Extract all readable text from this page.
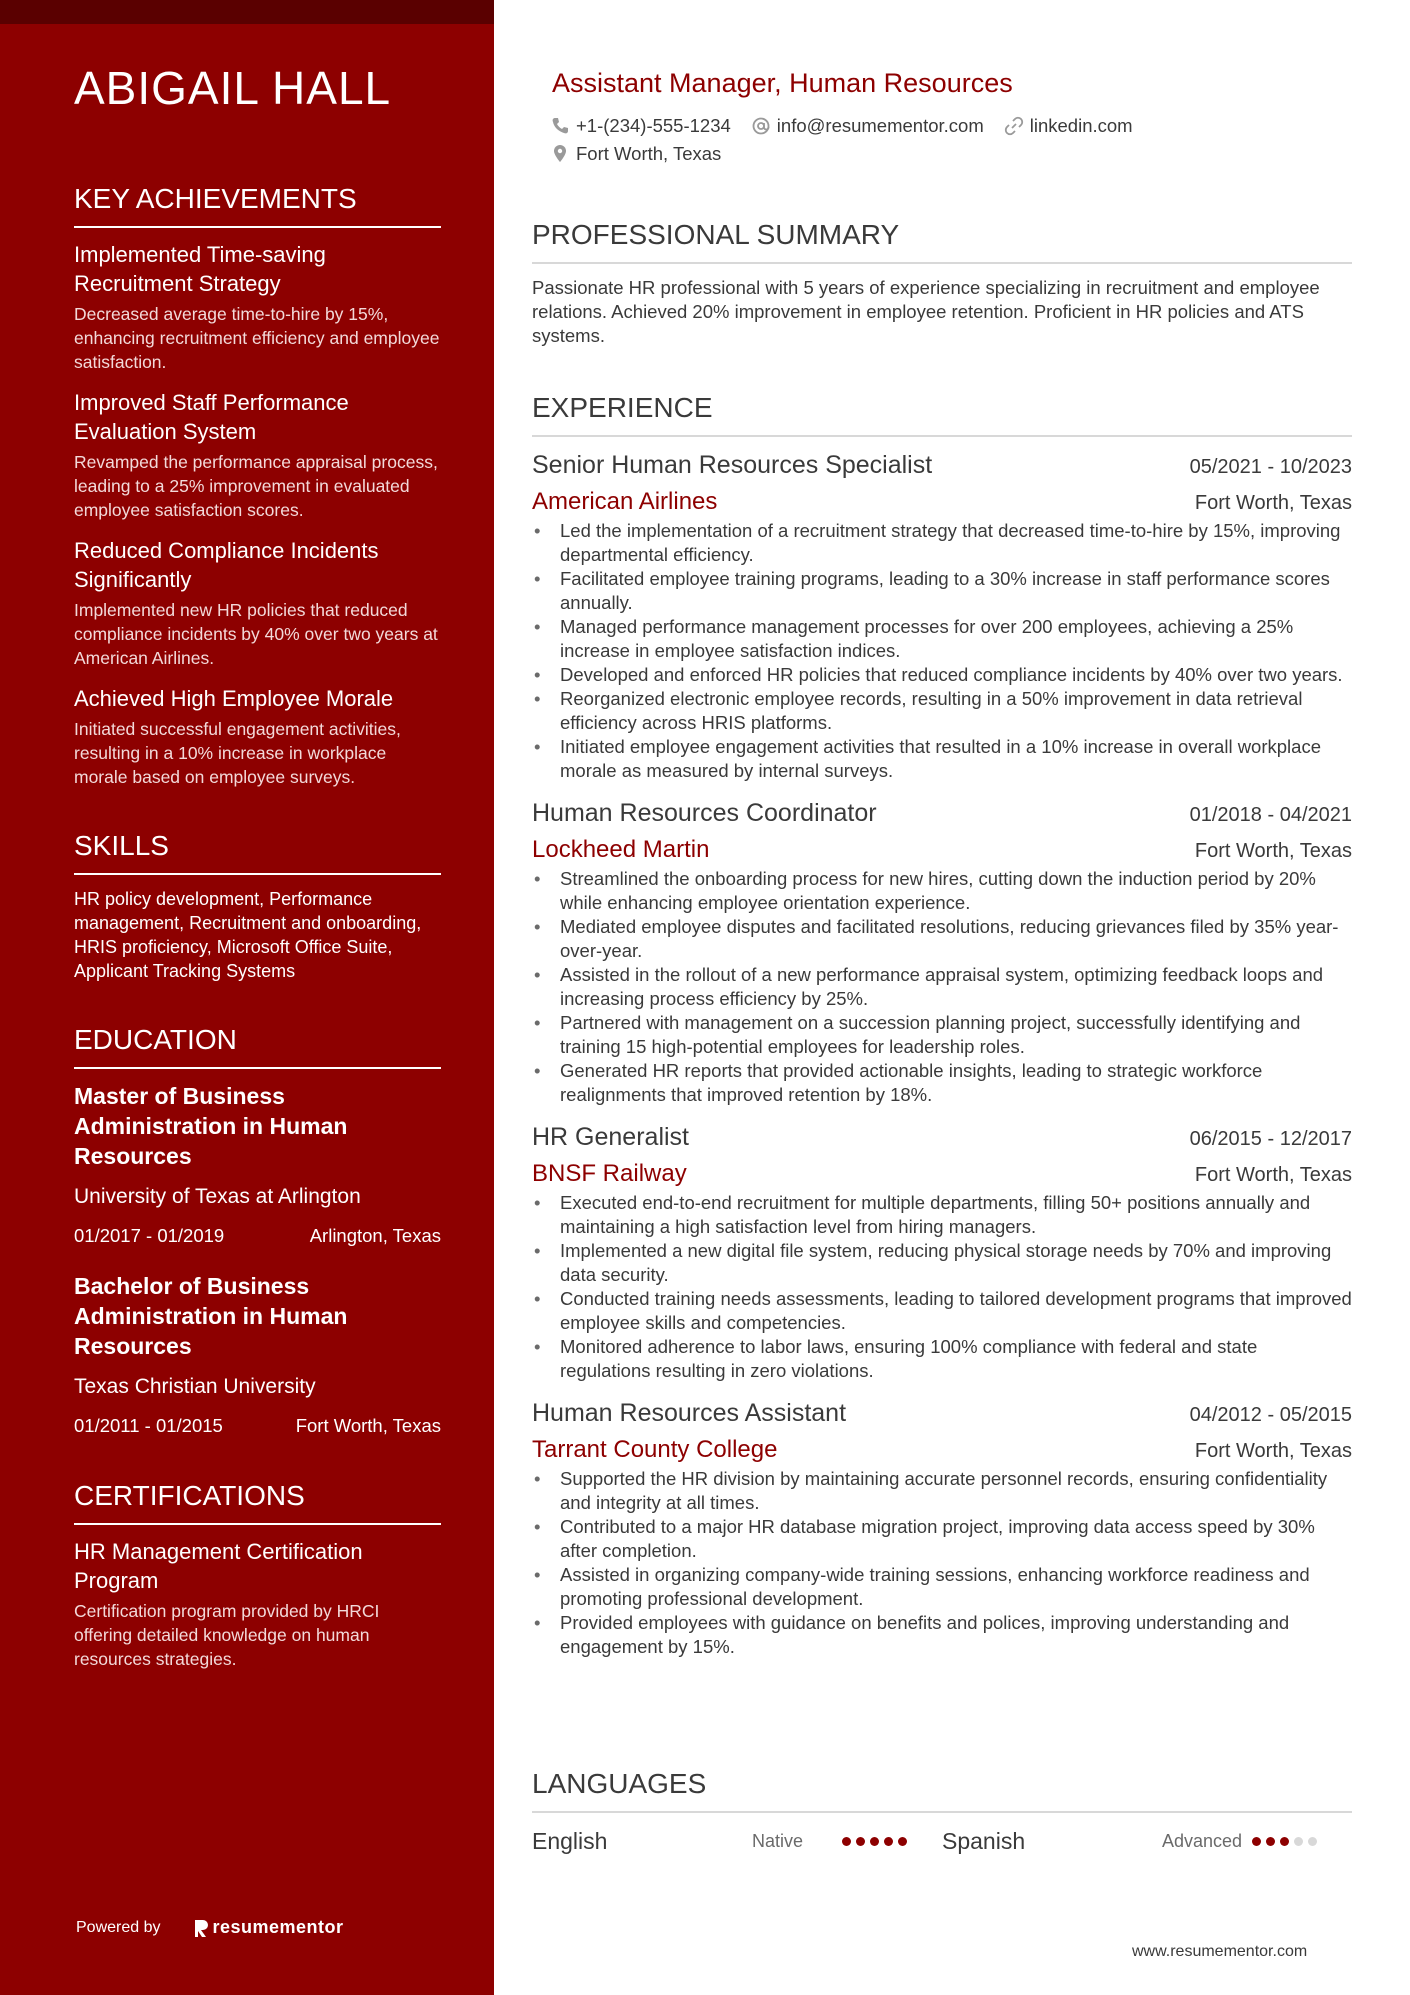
ABIGAIL HALL
KEY ACHIEVEMENTS
Implemented Time-saving Recruitment Strategy
Decreased average time-to-hire by 15%, enhancing recruitment efficiency and employee satisfaction.
Improved Staff Performance Evaluation System
Revamped the performance appraisal process, leading to a 25% improvement in evaluated employee satisfaction scores.
Reduced Compliance Incidents Significantly
Implemented new HR policies that reduced compliance incidents by 40% over two years at American Airlines.
Achieved High Employee Morale
Initiated successful engagement activities, resulting in a 10% increase in workplace morale based on employee surveys.
SKILLS
HR policy development, Performance management, Recruitment and onboarding, HRIS proficiency, Microsoft Office Suite, Applicant Tracking Systems
EDUCATION
Master of Business Administration in Human Resources
University of Texas at Arlington
01/2017 - 01/2019	Arlington, Texas
Bachelor of Business Administration in Human Resources
Texas Christian University
01/2011 - 01/2015	Fort Worth, Texas
CERTIFICATIONS
HR Management Certification Program
Certification program provided by HRCI offering detailed knowledge on human resources strategies.
Powered by	resumementor
Assistant Manager, Human Resources
+1-(234)-555-1234 info@resumementor.com linkedin.com
Fort Worth, Texas
PROFESSIONAL SUMMARY
Passionate HR professional with 5 years of experience specializing in recruitment and employee relations. Achieved 20% improvement in employee retention. Proficient in HR policies and ATS systems.
EXPERIENCE
Senior Human Resources Specialist	05/2021 - 10/2023
American Airlines	Fort Worth, Texas
• Led the implementation of a recruitment strategy that decreased time-to-hire by 15%, improving departmental efficiency.
• Facilitated employee training programs, leading to a 30% increase in staff performance scores annually.
• Managed performance management processes for over 200 employees, achieving a 25% increase in employee satisfaction indices.
• Developed and enforced HR policies that reduced compliance incidents by 40% over two years.
• Reorganized electronic employee records, resulting in a 50% improvement in data retrieval efficiency across HRIS platforms.
• Initiated employee engagement activities that resulted in a 10% increase in overall workplace morale as measured by internal surveys.
Human Resources Coordinator	01/2018 - 04/2021
Lockheed Martin	Fort Worth, Texas
• Streamlined the onboarding process for new hires, cutting down the induction period by 20% while enhancing employee orientation experience.
• Mediated employee disputes and facilitated resolutions, reducing grievances filed by 35% year-over-year.
• Assisted in the rollout of a new performance appraisal system, optimizing feedback loops and increasing process efficiency by 25%.
• Partnered with management on a succession planning project, successfully identifying and training 15 high-potential employees for leadership roles.
• Generated HR reports that provided actionable insights, leading to strategic workforce realignments that improved retention by 18%.
HR Generalist	06/2015 - 12/2017
BNSF Railway	Fort Worth, Texas
• Executed end-to-end recruitment for multiple departments, filling 50+ positions annually and maintaining a high satisfaction level from hiring managers.
• Implemented a new digital file system, reducing physical storage needs by 70% and improving data security.
• Conducted training needs assessments, leading to tailored development programs that improved employee skills and competencies.
• Monitored adherence to labor laws, ensuring 100% compliance with federal and state regulations resulting in zero violations.
Human Resources Assistant	04/2012 - 05/2015
Tarrant County College	Fort Worth, Texas
• Supported the HR division by maintaining accurate personnel records, ensuring confidentiality and integrity at all times.
• Contributed to a major HR database migration project, improving data access speed by 30% after completion.
• Assisted in organizing company-wide training sessions, enhancing workforce readiness and promoting professional development.
• Provided employees with guidance on benefits and polices, improving understanding and engagement by 15%.
LANGUAGES
English	Native	Spanish	Advanced
www.resumementor.com
